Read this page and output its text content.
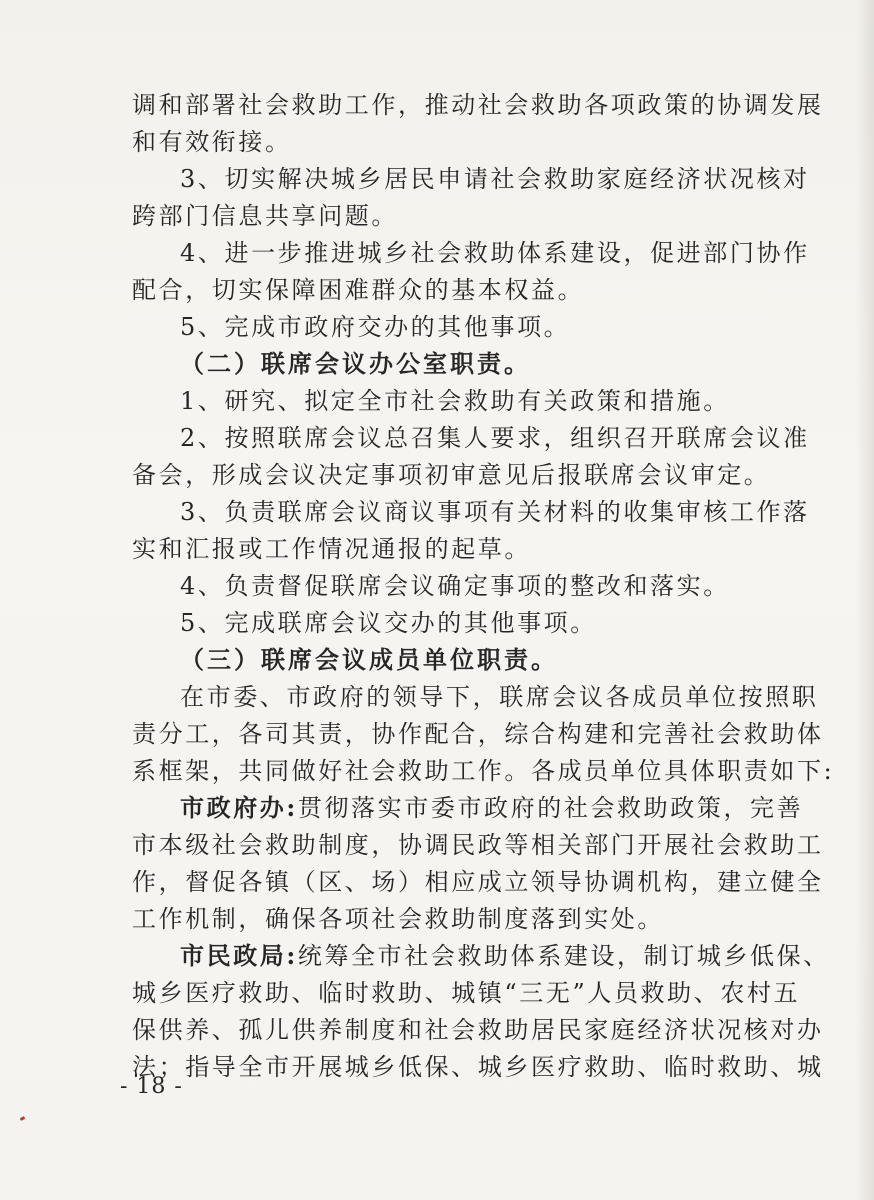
调和部署社会救助工作，推动社会救助各项政策的协调发展
和有效衔接。
3、切实解决城乡居民申请社会救助家庭经济状况核对
跨部门信息共享问题。
4、进一步推进城乡社会救助体系建设，促进部门协作
配合，切实保障困难群众的基本权益。
5、完成市政府交办的其他事项。
（二）联席会议办公室职责。
1、研究、拟定全市社会救助有关政策和措施。
2、按照联席会议总召集人要求，组织召开联席会议准
备会，形成会议决定事项初审意见后报联席会议审定。
3、负责联席会议商议事项有关材料的收集审核工作落
实和汇报或工作情况通报的起草。
4、负责督促联席会议确定事项的整改和落实。
5、完成联席会议交办的其他事项。
（三）联席会议成员单位职责。
在市委、市政府的领导下，联席会议各成员单位按照职
责分工，各司其责，协作配合，综合构建和完善社会救助体
系框架，共同做好社会救助工作。各成员单位具体职责如下:
市政府办:贯彻落实市委市政府的社会救助政策，完善
市本级社会救助制度，协调民政等相关部门开展社会救助工
作，督促各镇（区、场）相应成立领导协调机构，建立健全
工作机制，确保各项社会救助制度落到实处。
市民政局:统筹全市社会救助体系建设，制订城乡低保、
城乡医疗救助、临时救助、城镇“三无”人员救助、农村五
保供养、孤儿供养制度和社会救助居民家庭经济状况核对办
法；指导全市开展城乡低保、城乡医疗救助、临时救助、城
- 18 -
